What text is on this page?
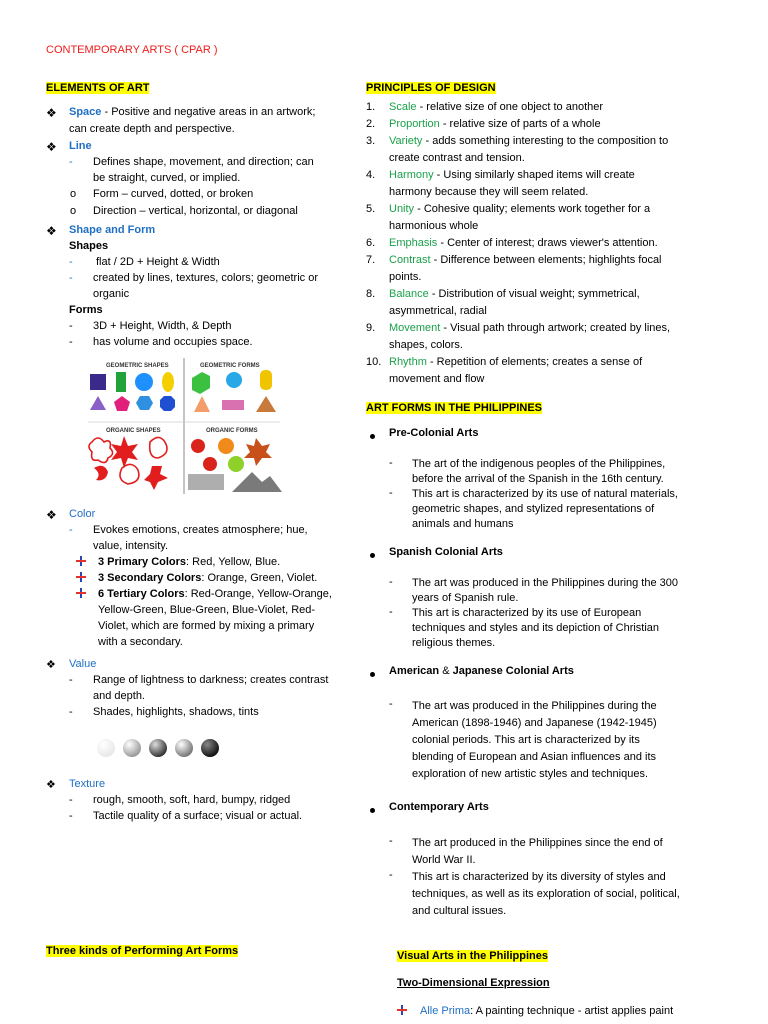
CONTEMPORARY ARTS ( CPAR )
ELEMENTS OF ART
❖ Space - Positive and negative areas in an artwork;
can create depth and perspective.
❖ Line
- Defines shape, movement, and direction; can
be straight, curved, or implied.
o Form – curved, dotted, or broken
o Direction – vertical, horizontal, or diagonal
❖ Shape and Form
Shapes
- flat / 2D + Height & Width
- created by lines, textures, colors; geometric or
organic
Forms
- 3D + Height, Width, & Depth
- has volume and occupies space.
GEOMETRIC SHAPES	GEOMETRIC FORMS
ORGANIC SHAPES	ORGANIC FORMS
❖ Color
- Evokes emotions, creates atmosphere; hue,
value, intensity.
3 Primary Colors: Red, Yellow, Blue.
3 Secondary Colors: Orange, Green, Violet.
6 Tertiary Colors: Red-Orange, Yellow-Orange,
Yellow-Green, Blue-Green, Blue-Violet, Red-
Violet, which are formed by mixing a primary
with a secondary.
❖ Value
- Range of lightness to darkness; creates contrast
and depth.
- Shades, highlights, shadows, tints
❖ Texture
- rough, smooth, soft, hard, bumpy, ridged
- Tactile quality of a surface; visual or actual.
Three kinds of Performing Art Forms
PRINCIPLES OF DESIGN
1. Scale - relative size of one object to another
2. Proportion - relative size of parts of a whole
3. Variety - adds something interesting to the composition to
create contrast and tension.
4. Harmony - Using similarly shaped items will create
harmony because they will seem related.
5. Unity - Cohesive quality; elements work together for a
harmonious whole
6. Emphasis - Center of interest; draws viewer's attention.
7. Contrast - Difference between elements; highlights focal
points.
8. Balance - Distribution of visual weight; symmetrical,
asymmetrical, radial
9. Movement - Visual path through artwork; created by lines,
shapes, colors.
10. Rhythm - Repetition of elements; creates a sense of
movement and flow
ART FORMS IN THE PHILIPPINES
Pre-Colonial Arts
- The art of the indigenous peoples of the Philippines,
before the arrival of the Spanish in the 16th century.
- This art is characterized by its use of natural materials,
geometric shapes, and stylized representations of
animals and humans
Spanish Colonial Arts
- The art was produced in the Philippines during the 300
years of Spanish rule.
- This art is characterized by its use of European
techniques and styles and its depiction of Christian
religious themes.
American & Japanese Colonial Arts
- The art was produced in the Philippines during the
American (1898-1946) and Japanese (1942-1945)
colonial periods. This art is characterized by its
blending of European and Asian influences and its
exploration of new artistic styles and techniques.
Contemporary Arts
- The art produced in the Philippines since the end of
World War II.
- This art is characterized by its diversity of styles and
techniques, as well as its exploration of social, political,
and cultural issues.
Visual Arts in the Philippines
Two-Dimensional Expression
Alle Prima: A painting technique - artist applies paint
